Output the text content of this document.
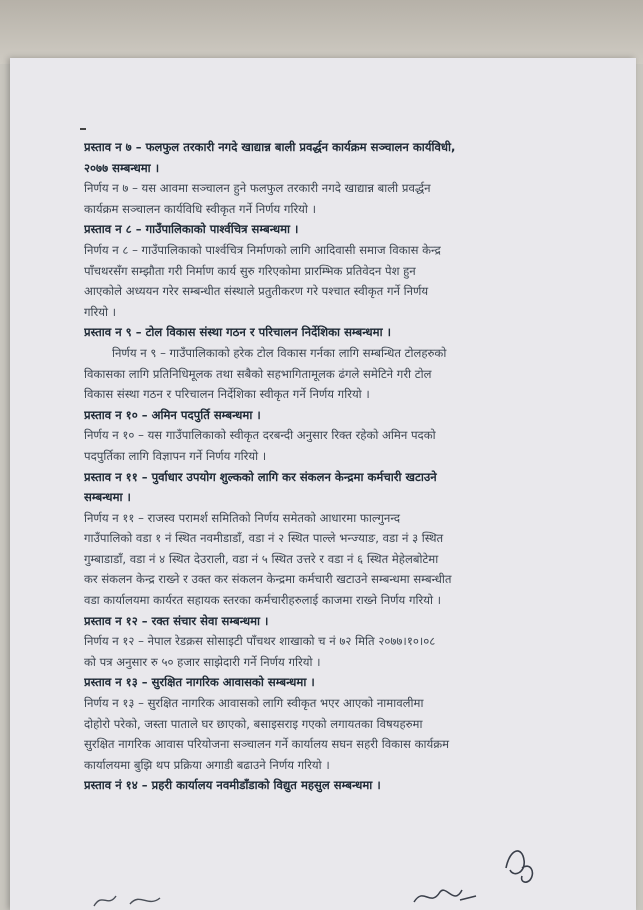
प्रस्ताव न ७ – फलफुल तरकारी नगदे खाद्यान्न बाली प्रवर्द्धन कार्यक्रम सञ्चालन कार्यविधी,
२०७७ सम्बन्धमा ।
निर्णय न ७ – यस आवमा सञ्चालन हुने फलफुल तरकारी नगदे खाद्यान्न बाली प्रवर्द्धन
कार्यक्रम सञ्चालन कार्यविधि स्वीकृत गर्ने निर्णय गरियो ।
प्रस्ताव न ८ – गाउँपालिकाको पार्श्वचित्र सम्बन्धमा ।
निर्णय न ८ – गाउँपालिकाको पार्श्वचित्र निर्माणको लागि आदिवासी समाज विकास केन्द्र
पाँचथरसँग सम्झौता गरी निर्माण कार्य सुरु गरिएकोमा प्रारम्भिक प्रतिवेदन पेश हुन
आएकोले अध्ययन गरेर सम्बन्धीत संस्थाले प्रतुतीकरण गरे पश्चात स्वीकृत गर्ने निर्णय
गरियो ।
प्रस्ताव न ९ – टोल विकास संस्था गठन र परिचालन निर्देशिका सम्बन्धमा ।
निर्णय न ९ – गाउँपालिकाको हरेक टोल विकास गर्नका लागि सम्बन्धित टोलहरुको
विकासका लागि प्रतिनिधिमूलक तथा सबैको सहभागितामूलक ढंगले समेटिने गरी टोल
विकास संस्था गठन र परिचालन निर्देशिका स्वीकृत गर्ने निर्णय गरियो ।
प्रस्ताव न १० – अमिन पदपुर्ति सम्बन्धमा ।
निर्णय न १० – यस गाउँपालिकाको स्वीकृत दरबन्दी अनुसार रिक्त रहेको अमिन पदको
पदपुर्तिका लागि विज्ञापन गर्ने निर्णय गरियो ।
प्रस्ताव न ११ – पुर्वाधार उपयोग शुल्कको लागि कर संकलन केन्द्रमा कर्मचारी खटाउने
सम्बन्धमा ।
निर्णय न ११ – राजस्व परामर्श समितिको निर्णय समेतको आधारमा फाल्गुनन्द
गाउँपालिको वडा १ नं स्थित नवमीडाडाँ, वडा नं २ स्थित पाल्ले भन्ज्याङ, वडा नं ३ स्थित
गुम्बाडाडाँ, वडा नं ४ स्थित देउराली, वडा नं ५ स्थित उत्तरे र वडा नं ६ स्थित मेहेलबोटेमा
कर संकलन केन्द्र राख्ने र उक्त कर संकलन केन्द्रमा कर्मचारी खटाउने सम्बन्धमा सम्बन्धीत
वडा कार्यालयमा कार्यरत सहायक स्तरका कर्मचारीहरुलाई काजमा राख्ने निर्णय गरियो ।
प्रस्ताव न १२ – रक्त संचार सेवा सम्बन्धमा ।
निर्णय न १२ – नेपाल रेडक्रस सोसाइटी पाँचथर शाखाको च नं ७२ मिति २०७७।१०।०८
को पत्र अनुसार रु ५० हजार साझेदारी गर्ने निर्णय गरियो ।
प्रस्ताव न १३ – सुरक्षित नागरिक आवासको सम्बन्धमा ।
निर्णय न १३ – सुरक्षित नागरिक आवासको लागि स्वीकृत भएर आएको नामावलीमा
दोहोरो परेको, जस्ता पाताले घर छाएको, बसाइसराइ गएको लगायतका विषयहरुमा
सुरक्षित नागरिक आवास परियोजना सञ्चालन गर्ने कार्यालय सघन सहरी विकास कार्यक्रम
कार्यालयमा बुझि थप प्रक्रिया अगाडी बढाउने निर्णय गरियो ।
प्रस्ताव नं १४ – प्रहरी कार्यालय नवमीडाँडाको विद्युत महसुल सम्बन्धमा ।
